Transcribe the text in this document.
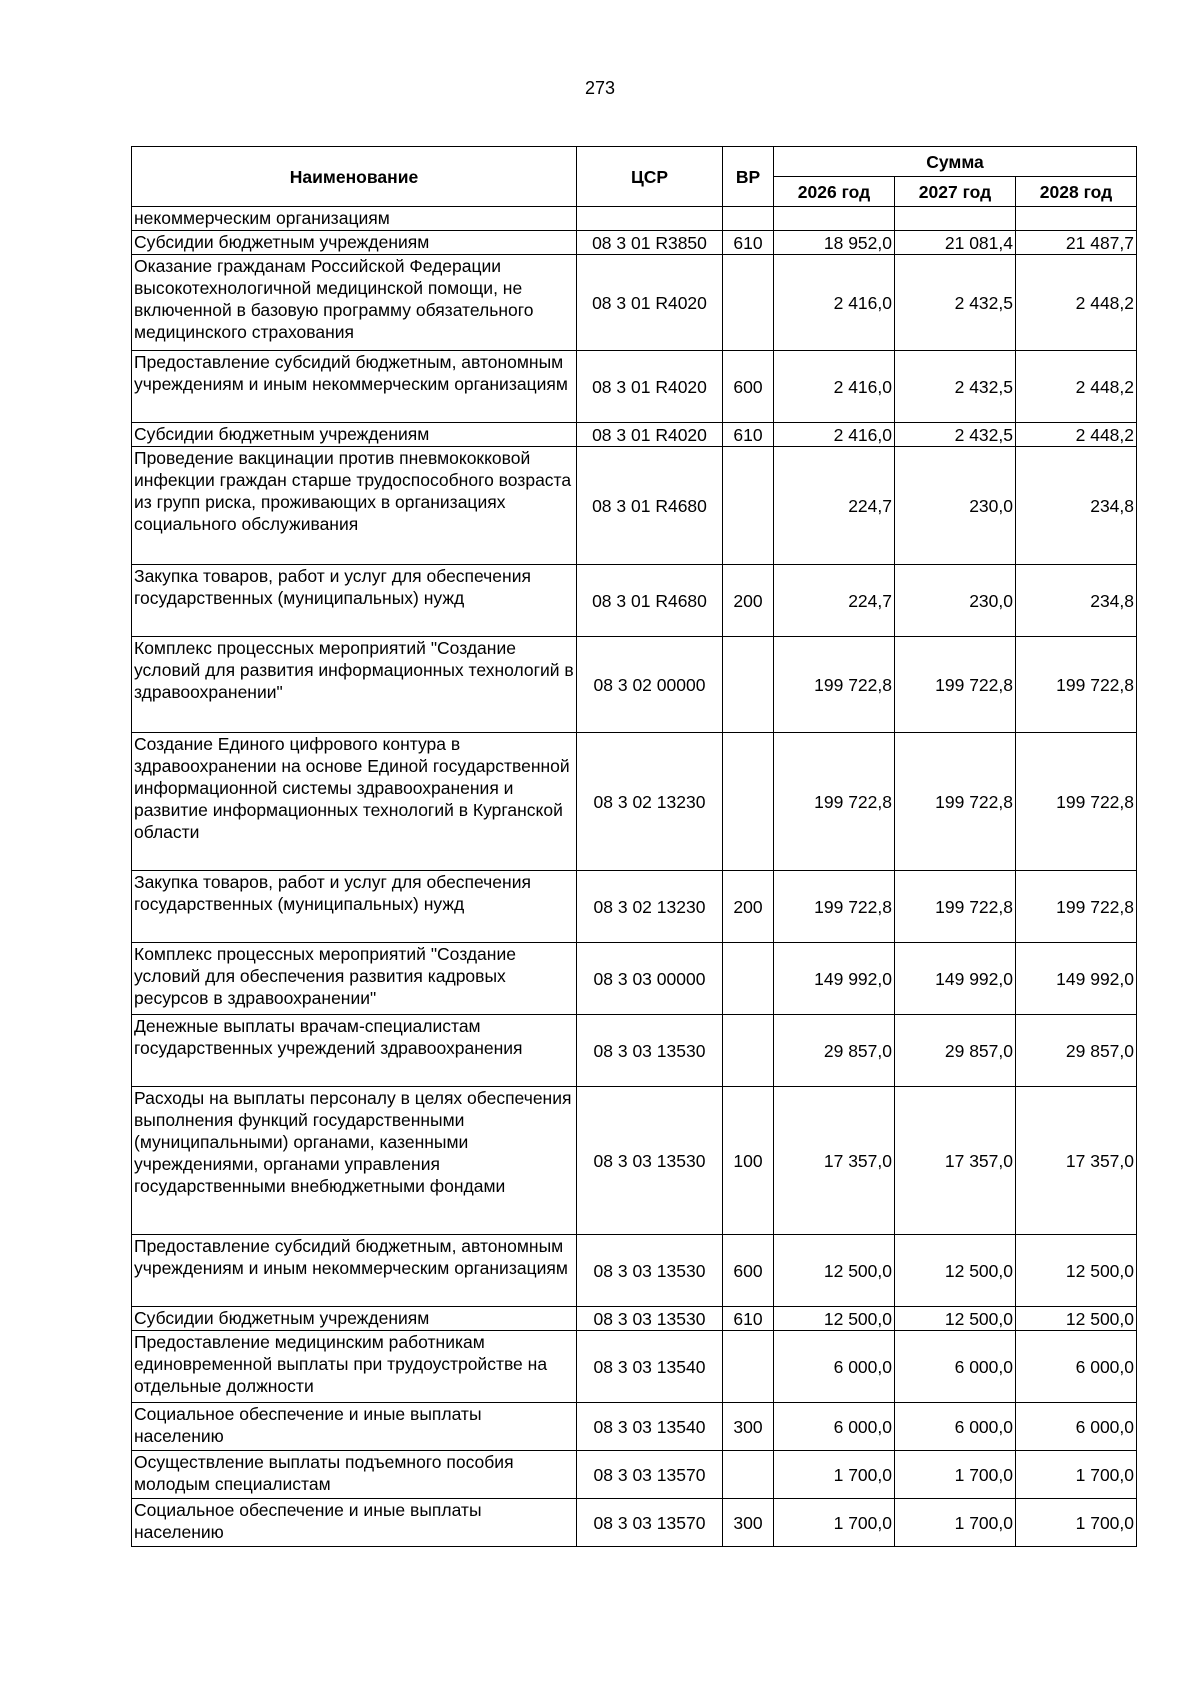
273
Наименование	ЦСР	ВР	Сумма		
			2026 год	2027 год	2028 год
некоммерческим организациям					
Субсидии бюджетным учреждениям	08 3 01 R3850	610	18 952,0	21 081,4	21 487,7
Оказание гражданам Российской Федерации высокотехнологичной медицинской помощи, не включенной в базовую программу обязательного медицинского страхования	08 3 01 R4020		2 416,0	2 432,5	2 448,2
Предоставление субсидий бюджетным, автономным учреждениям и иным некоммерческим организациям	08 3 01 R4020	600	2 416,0	2 432,5	2 448,2
Субсидии бюджетным учреждениям	08 3 01 R4020	610	2 416,0	2 432,5	2 448,2
Проведение вакцинации против пневмококковой инфекции граждан старше трудоспособного возраста из групп риска, проживающих в организациях социального обслуживания	08 3 01 R4680		224,7	230,0	234,8
Закупка товаров, работ и услуг для обеспечения государственных (муниципальных) нужд	08 3 01 R4680	200	224,7	230,0	234,8
Комплекс процессных мероприятий "Создание условий для развития информационных технологий в здравоохранении"	08 3 02 00000		199 722,8	199 722,8	199 722,8
Создание Единого цифрового контура в здравоохранении на основе Единой государственной информационной системы здравоохранения и развитие информационных технологий в Курганской области	08 3 02 13230		199 722,8	199 722,8	199 722,8
Закупка товаров, работ и услуг для обеспечения государственных (муниципальных) нужд	08 3 02 13230	200	199 722,8	199 722,8	199 722,8
Комплекс процессных мероприятий "Создание условий для обеспечения развития кадровых ресурсов в здравоохранении"	08 3 03 00000		149 992,0	149 992,0	149 992,0
Денежные выплаты врачам-специалистам государственных учреждений здравоохранения	08 3 03 13530		29 857,0	29 857,0	29 857,0
Расходы на выплаты персоналу в целях обеспечения выполнения функций государственными (муниципальными) органами, казенными учреждениями, органами управления государственными внебюджетными фондами	08 3 03 13530	100	17 357,0	17 357,0	17 357,0
Предоставление субсидий бюджетным, автономным учреждениям и иным некоммерческим организациям	08 3 03 13530	600	12 500,0	12 500,0	12 500,0
Субсидии бюджетным учреждениям	08 3 03 13530	610	12 500,0	12 500,0	12 500,0
Предоставление медицинским работникам единовременной выплаты при трудоустройстве на отдельные должности	08 3 03 13540		6 000,0	6 000,0	6 000,0
Социальное обеспечение и иные выплаты населению	08 3 03 13540	300	6 000,0	6 000,0	6 000,0
Осуществление выплаты подъемного пособия молодым специалистам	08 3 03 13570		1 700,0	1 700,0	1 700,0
Социальное обеспечение и иные выплаты населению	08 3 03 13570	300	1 700,0	1 700,0	1 700,0
